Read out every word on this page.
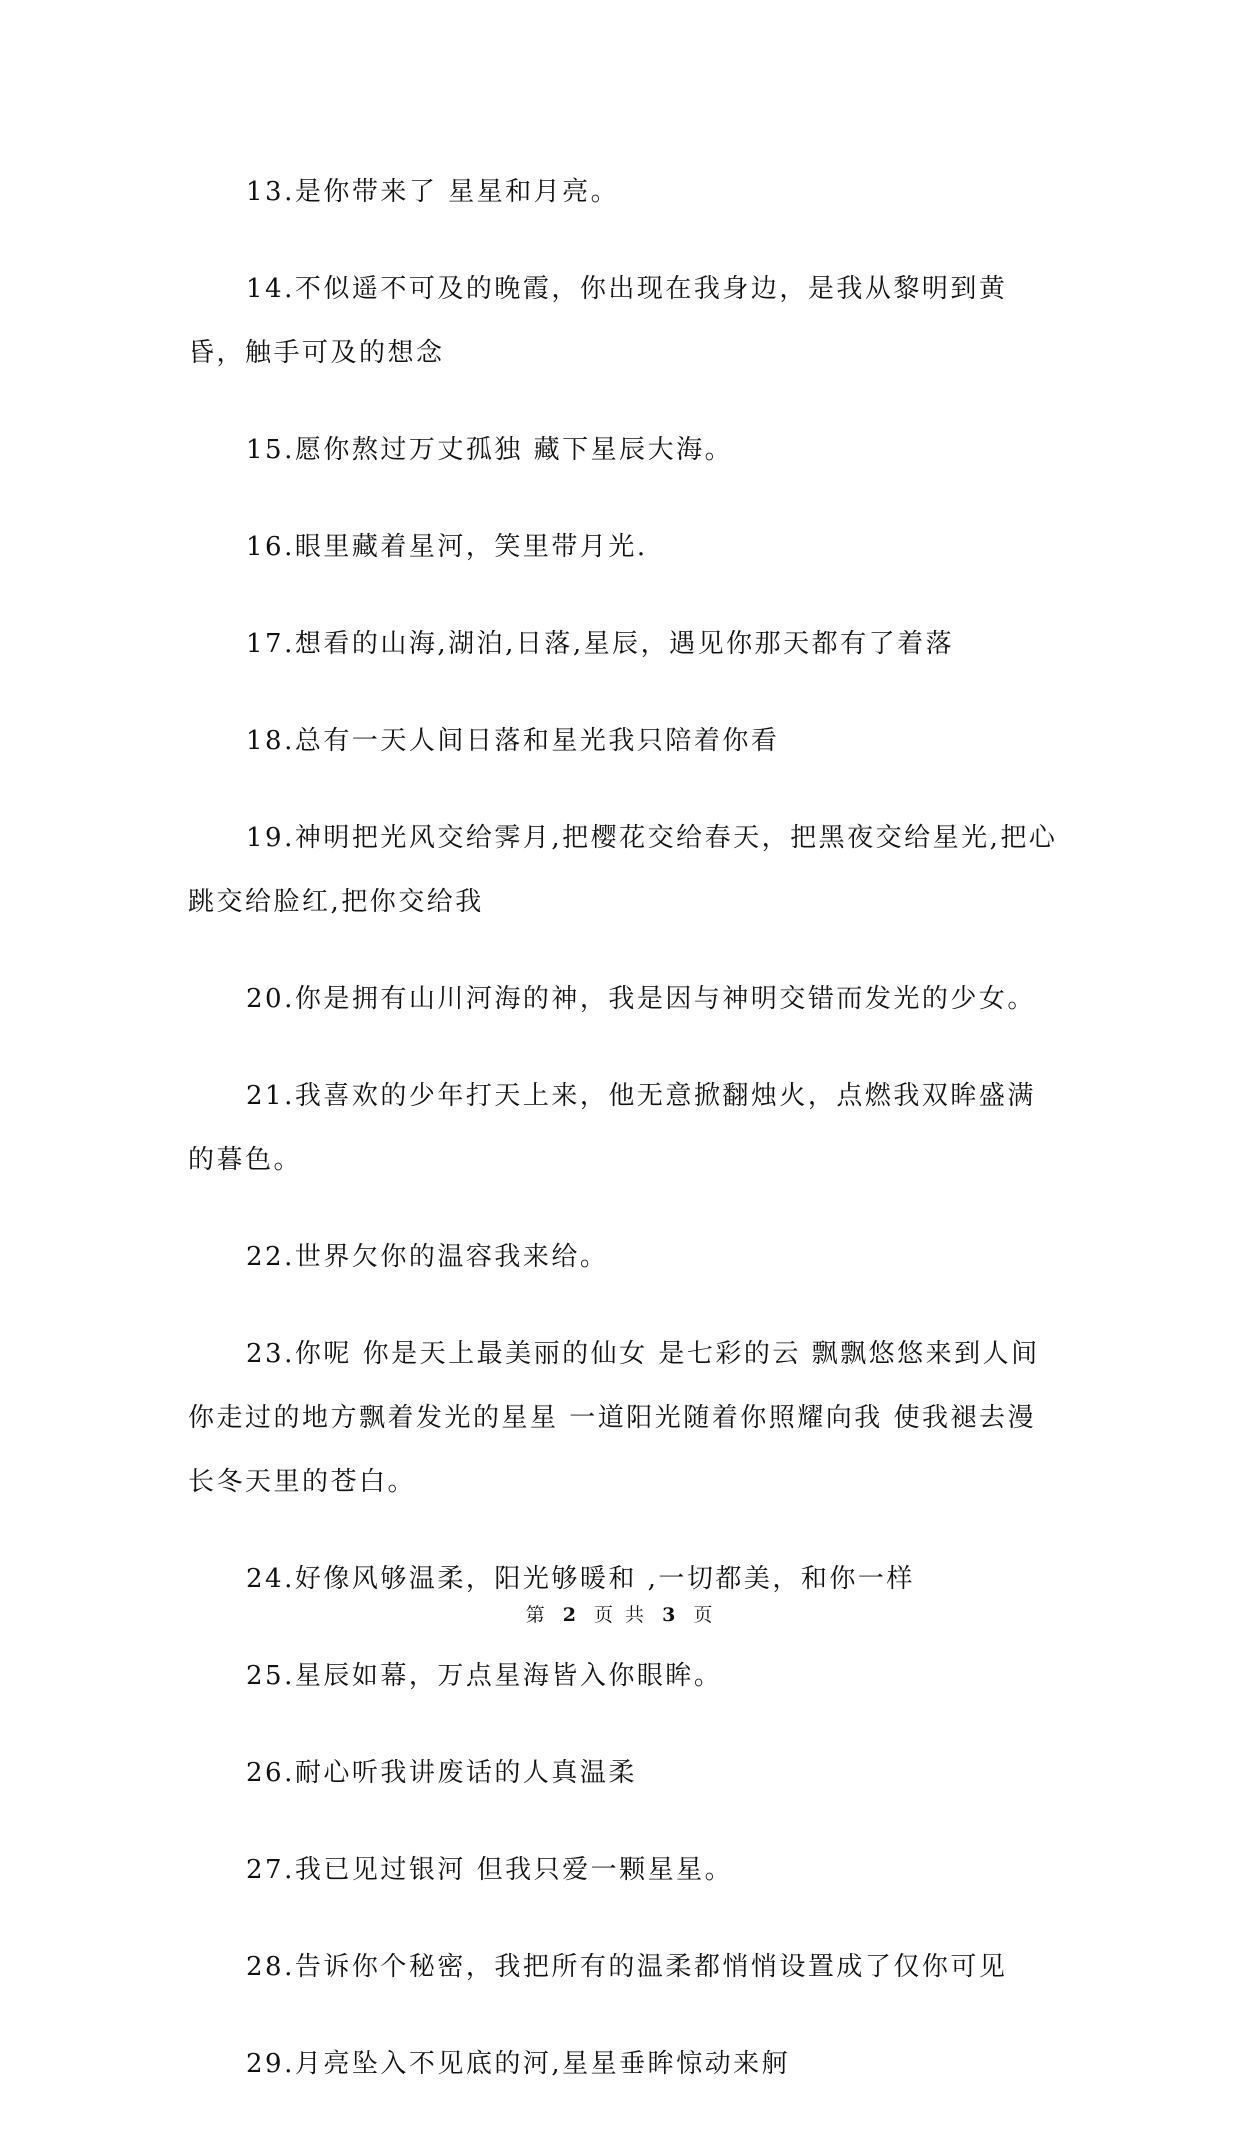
13.是你带来了 星星和月亮。

14.不似遥不可及的晚霞，你出现在我身边，是我从黎明到黄昏，触手可及的想念

15.愿你熬过万丈孤独 藏下星辰大海。

16.眼里藏着星河，笑里带月光.

17.想看的山海,湖泊,日落,星辰，遇见你那天都有了着落

18.总有一天人间日落和星光我只陪着你看

19.神明把光风交给霁月,把樱花交给春天，把黑夜交给星光,把心跳交给脸红,把你交给我

20.你是拥有山川河海的神，我是因与神明交错而发光的少女。

21.我喜欢的少年打天上来，他无意掀翻烛火，点燃我双眸盛满的暮色。

22.世界欠你的温容我来给。

23.你呢 你是天上最美丽的仙女 是七彩的云 飘飘悠悠来到人间 你走过的地方飘着发光的星星 一道阳光随着你照耀向我 使我褪去漫长冬天里的苍白。

24.好像风够温柔，阳光够暖和 ,一切都美，和你一样

25.星辰如幕，万点星海皆入你眼眸。

26.耐心听我讲废话的人真温柔

27.我已见过银河 但我只爱一颗星星。

28.告诉你个秘密，我把所有的温柔都悄悄设置成了仅你可见

29.月亮坠入不见底的河,星星垂眸惊动来舸

第 2 页 共 3 页
